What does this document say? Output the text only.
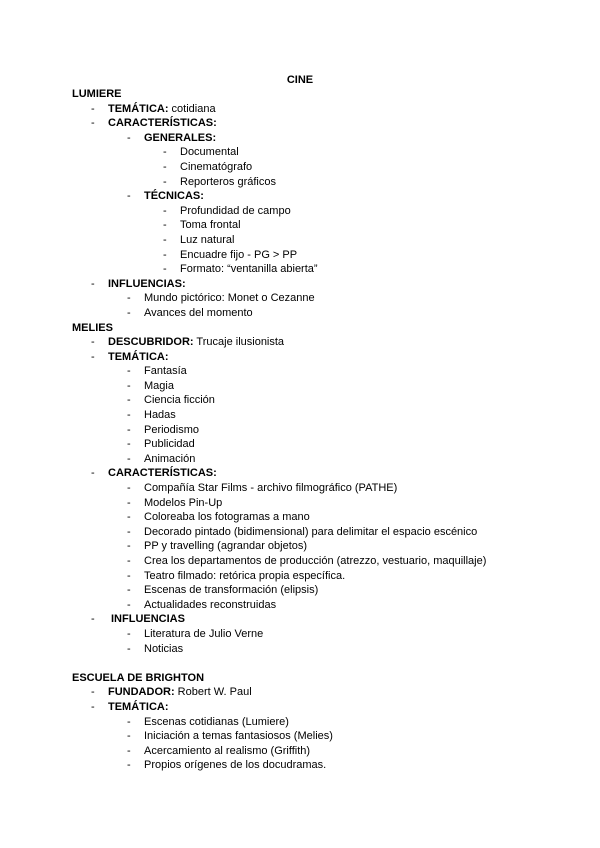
CINE
LUMIERE
- TEMÁTICA: cotidiana
- CARACTERÍSTICAS:
- GENERALES:
- Documental
- Cinematógrafo
- Reporteros gráficos
- TÉCNICAS:
- Profundidad de campo
- Toma frontal
- Luz natural
- Encuadre fijo - PG > PP
- Formato: “ventanilla abierta”
- INFLUENCIAS:
- Mundo pictórico: Monet o Cezanne
- Avances del momento
MELIES
- DESCUBRIDOR: Trucaje ilusionista
- TEMÁTICA:
- Fantasía
- Magia
- Ciencia ficción
- Hadas
- Periodismo
- Publicidad
- Animación
- CARACTERÍSTICAS:
- Compañía Star Films - archivo filmográfico (PATHE)
- Modelos Pin-Up
- Coloreaba los fotogramas a mano
- Decorado pintado (bidimensional) para delimitar el espacio escénico
- PP y travelling (agrandar objetos)
- Crea los departamentos de producción (atrezzo, vestuario, maquillaje)
- Teatro filmado: retórica propia específica.
- Escenas de transformación (elipsis)
- Actualidades reconstruidas
- INFLUENCIAS
- Literatura de Julio Verne
- Noticias
ESCUELA DE BRIGHTON
- FUNDADOR: Robert W. Paul
- TEMÁTICA:
- Escenas cotidianas (Lumiere)
- Iniciación a temas fantasiosos (Melies)
- Acercamiento al realismo (Griffith)
- Propios orígenes de los docudramas.
